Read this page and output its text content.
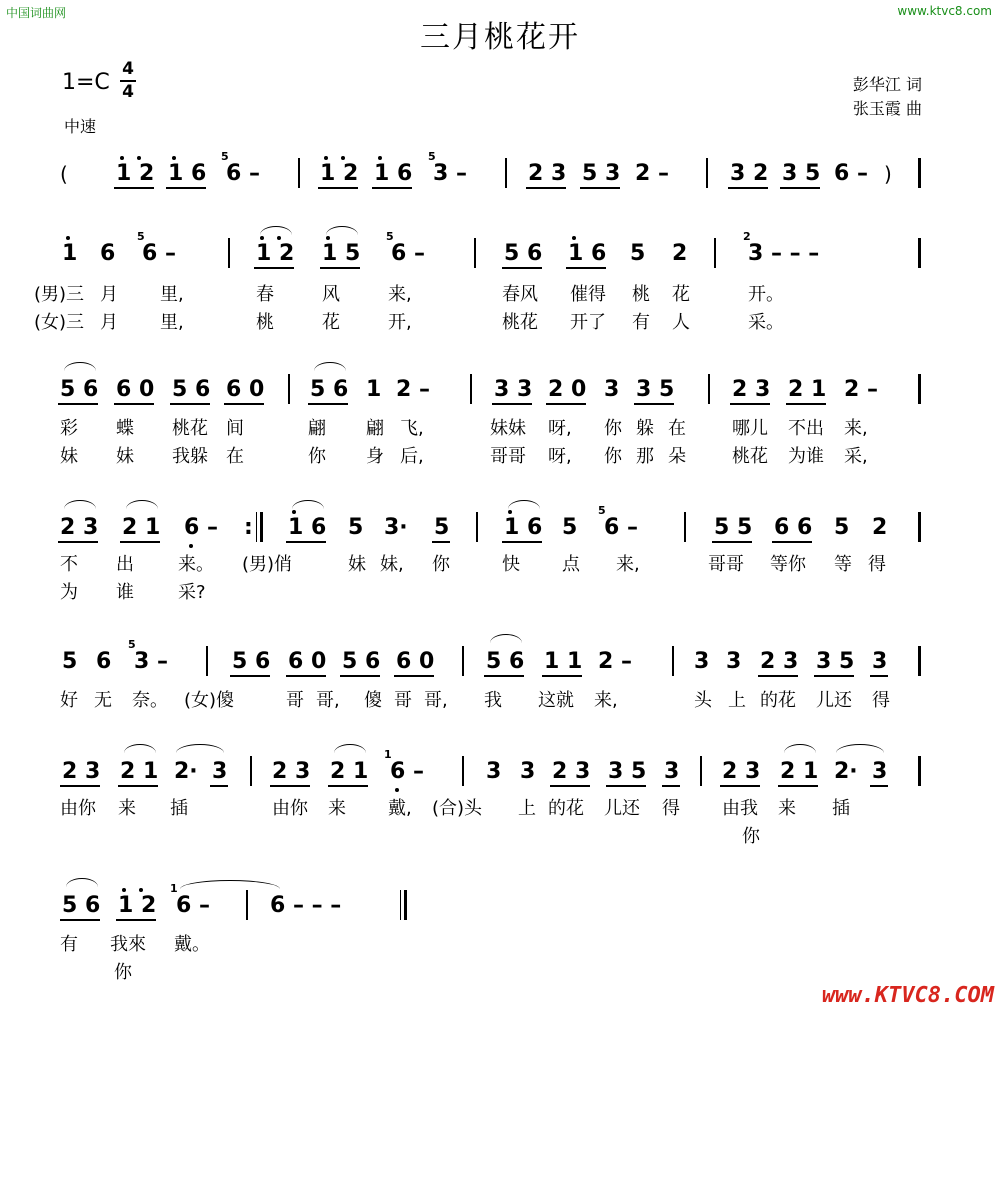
中国词曲网	www.ktvc8.com
三月桃花开
1=C
4
4
中速
彭华江 词
张玉霞 曲
( 1 2 1 6
5
6 –	1 2 1 6
5
3 –	2 3 5 3 2 –	3 2 3 5 6 – )
1 6
5
6 –	1 2 1 5
5
6 –	5 6 1 6 5 2
2
3 – – –

(男)三

月

里,

	春

	风

	来,

	春风

催得

桃

花

	开。

(女)三

月

里,

	桃

	花

	开,

	桃花

开了

有

人

	采。

5 6 6 0 5 6 6 0 5 6 1 2 –	3 3 2 0 3 3 5	2 3 2 1 2 –

彩

蝶

桃花

间

	翩

翩

飞,

	妹妹

呀,

你

躲

在

	哪儿

不出

来,

妹

妹

我躲

在

	你

身

后,

	哥哥

呀,

你

那

朵

	桃花

为谁

采,

2 3 2 1 6 – : 1 6 5 3· 5 1 6 5
5
6 –	5 5 6 6 5 2

不

出

来。

(男)俏

	妹

妹,

你

	快

点

来,

	哥哥

等你

等

得

为

谁

采?

5 6
5
3 –	5 6 6 0 5 6 6 0 5 6 1 1 2 –	3 3 2 3 3 5 3

好

无

奈。

(女)傻

	哥

哥,

傻

哥

哥,

我

这就

来,

	头

上

的花

儿还

得

2 3 2 1 2· 3 2 3 2 1
1
6 –	3 3 2 3 3 5 3 2 3 2 1 2· 3

由你

来

插

	由你

来

戴,

(合)头

上

的花

儿还

得

由我

来

插

你

5 6 1 2
1
6 –	6 – – –

有

我來

戴。

你

www.KTVC8.COM
